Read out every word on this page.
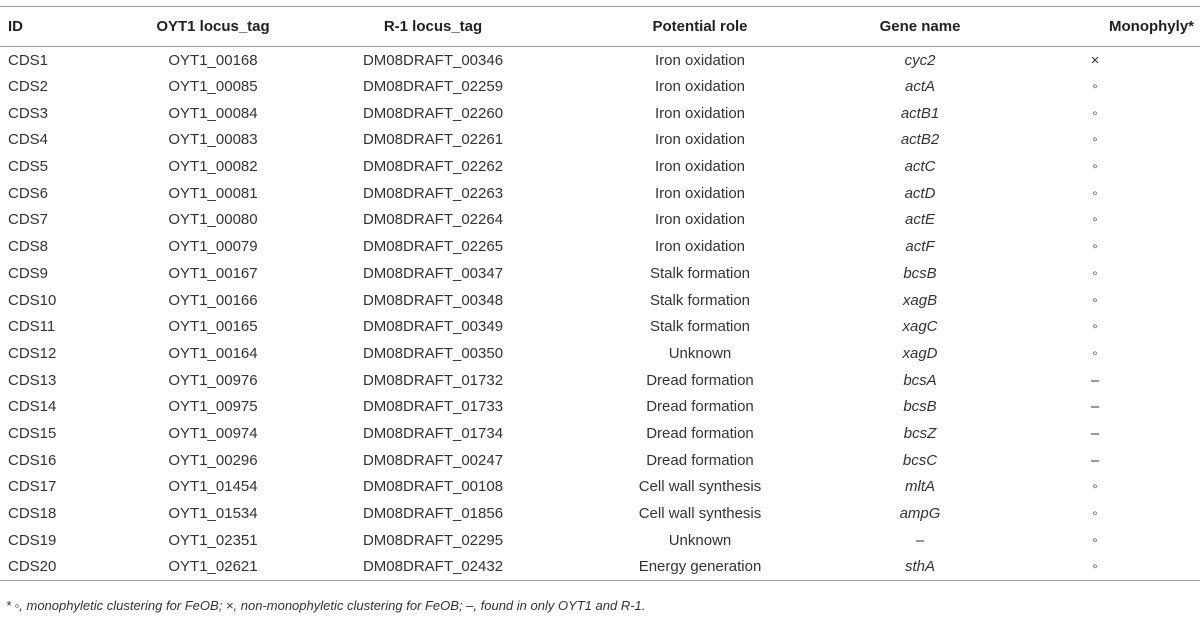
ID	OYT1 locus_tag	R-1 locus_tag	Potential role	Gene name	Monophyly*
CDS1	OYT1_00168	DM08DRAFT_00346	Iron oxidation	cyc2	×
CDS2	OYT1_00085	DM08DRAFT_02259	Iron oxidation	actA	◦
CDS3	OYT1_00084	DM08DRAFT_02260	Iron oxidation	actB1	◦
CDS4	OYT1_00083	DM08DRAFT_02261	Iron oxidation	actB2	◦
CDS5	OYT1_00082	DM08DRAFT_02262	Iron oxidation	actC	◦
CDS6	OYT1_00081	DM08DRAFT_02263	Iron oxidation	actD	◦
CDS7	OYT1_00080	DM08DRAFT_02264	Iron oxidation	actE	◦
CDS8	OYT1_00079	DM08DRAFT_02265	Iron oxidation	actF	◦
CDS9	OYT1_00167	DM08DRAFT_00347	Stalk formation	bcsB	◦
CDS10	OYT1_00166	DM08DRAFT_00348	Stalk formation	xagB	◦
CDS11	OYT1_00165	DM08DRAFT_00349	Stalk formation	xagC	◦
CDS12	OYT1_00164	DM08DRAFT_00350	Unknown	xagD	◦
CDS13	OYT1_00976	DM08DRAFT_01732	Dread formation	bcsA	–
CDS14	OYT1_00975	DM08DRAFT_01733	Dread formation	bcsB	–
CDS15	OYT1_00974	DM08DRAFT_01734	Dread formation	bcsZ	–
CDS16	OYT1_00296	DM08DRAFT_00247	Dread formation	bcsC	–
CDS17	OYT1_01454	DM08DRAFT_00108	Cell wall synthesis	mltA	◦
CDS18	OYT1_01534	DM08DRAFT_01856	Cell wall synthesis	ampG	◦
CDS19	OYT1_02351	DM08DRAFT_02295	Unknown	–	◦
CDS20	OYT1_02621	DM08DRAFT_02432	Energy generation	sthA	◦
* ◦, monophyletic clustering for FeOB; ×, non-monophyletic clustering for FeOB; –, found in only OYT1 and R-1.
